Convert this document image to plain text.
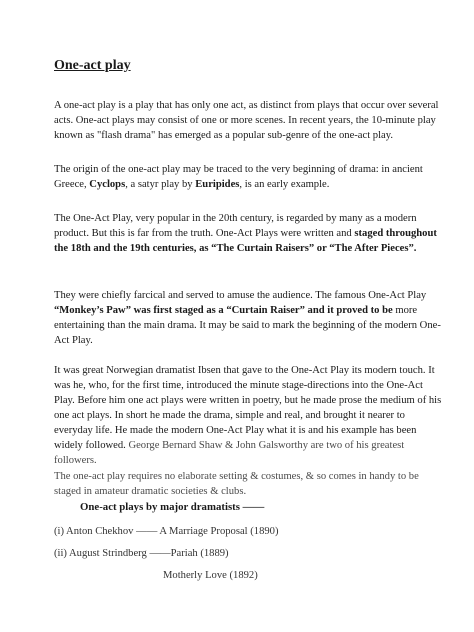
One-act play

A one-act play is a play that has only one act, as distinct from plays that occur over several acts. One-act plays may consist of one or more scenes. In recent years, the 10-minute play known as "flash drama" has emerged as a popular sub-genre of the one-act play.

The origin of the one-act play may be traced to the very beginning of drama: in ancient Greece, Cyclops, a satyr play by Euripides, is an early example.

The One-Act Play, very popular in the 20th century, is regarded by many as a modern product. But this is far from the truth. One-Act Plays were written and staged throughout the 18th and the 19th centuries, as “The Curtain Raisers” or “The After Pieces”.

They were chiefly farcical and served to amuse the audience. The famous One-Act Play “Monkey’s Paw” was first staged as a “Curtain Raiser” and it proved to be more entertaining than the main drama. It may be said to mark the beginning of the modern One-Act Play.

It was great Norwegian dramatist Ibsen that gave to the One-Act Play its modern touch. It was he, who, for the first time, introduced the minute stage-directions into the One-Act Play. Before him one act plays were written in poetry, but he made prose the medium of his one act plays. In short he made the drama, simple and real, and brought it nearer to everyday life. He made the modern One-Act Play what it is and his example has been widely followed. George Bernard Shaw & John Galsworthy are two of his greatest followers.

The one-act play requires no elaborate setting & costumes, & so comes in handy to be staged in amateur dramatic societies & clubs.

One-act plays by major dramatists ——

(i) Anton Chekhov —— A Marriage Proposal (1890)

(ii) August Strindberg ——Pariah (1889)

Motherly Love (1892)
